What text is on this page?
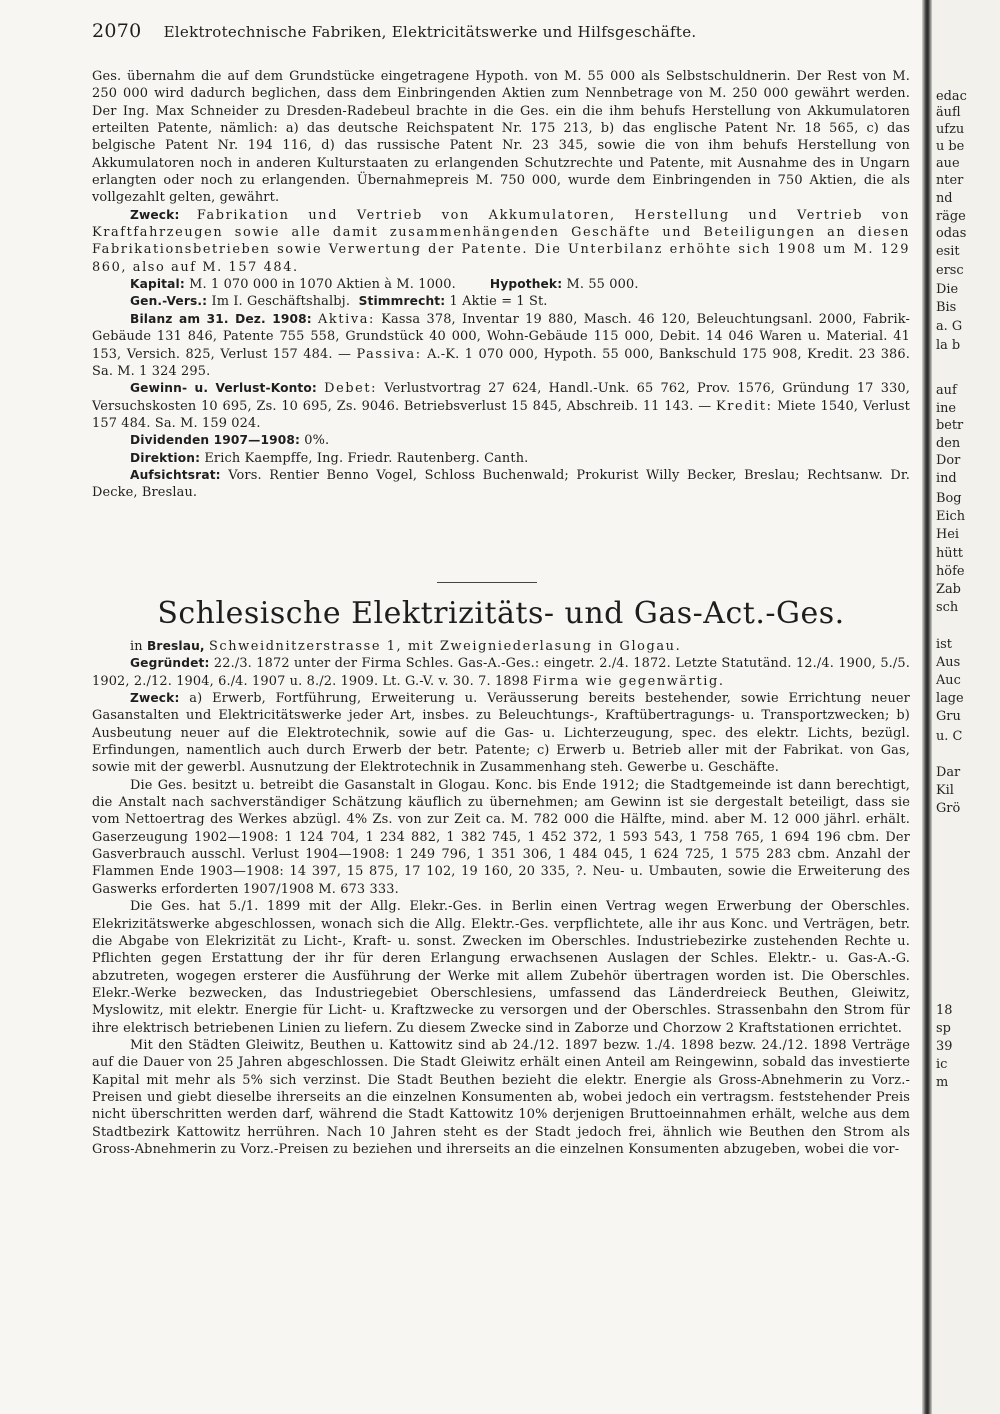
2070 Elektrotechnische Fabriken, Elektricitätswerke und Hilfsgeschäfte.

Ges. übernahm die auf dem Grundstücke eingetragene Hypoth. von M. 55 000 als Selbstschuldnerin. Der Rest von M. 250 000 wird dadurch beglichen, dass dem Einbringenden Aktien zum Nennbetrage von M. 250 000 gewährt werden. Der Ing. Max Schneider zu Dresden-Radebeul brachte in die Ges. ein die ihm behufs Herstellung von Akkumulatoren erteilten Patente, nämlich: a) das deutsche Reichspatent Nr. 175 213, b) das englische Patent Nr. 18 565, c) das belgische Patent Nr. 194 116, d) das russische Patent Nr. 23 345, sowie die von ihm behufs Herstellung von Akkumulatoren noch in anderen Kulturstaaten zu erlangenden Schutzrechte und Patente, mit Ausnahme des in Ungarn erlangten oder noch zu erlangenden. Übernahmepreis M. 750 000, wurde dem Einbringenden in 750 Aktien, die als vollgezahlt gelten, gewährt.

Zweck: Fabrikation und Vertrieb von Akkumulatoren, Herstellung und Vertrieb von Kraftfahrzeugen sowie alle damit zusammenhängenden Geschäfte und Beteiligungen an diesen Fabrikationsbetrieben sowie Verwertung der Patente. Die Unterbilanz erhöhte sich 1908 um M. 129 860, also auf M. 157 484.

Kapital: M. 1 070 000 in 1070 Aktien à M. 1000.	Hypothek: M. 55 000.

Gen.-Vers.: Im I. Geschäftshalbj. Stimmrecht: 1 Aktie = 1 St.

Bilanz am 31. Dez. 1908: Aktiva: Kassa 378, Inventar 19 880, Masch. 46 120, Beleuchtungsanl. 2000, Fabrik-Gebäude 131 846, Patente 755 558, Grundstück 40 000, Wohn-Gebäude 115 000, Debit. 14 046 Waren u. Material. 41 153, Versich. 825, Verlust 157 484. — Passiva: A.-K. 1 070 000, Hypoth. 55 000, Bankschuld 175 908, Kredit. 23 386. Sa. M. 1 324 295.

Gewinn- u. Verlust-Konto: Debet: Verlustvortrag 27 624, Handl.-Unk. 65 762, Prov. 1576, Gründung 17 330, Versuchskosten 10 695, Zs. 10 695, Zs. 9046. Betriebsverlust 15 845, Abschreib. 11 143. — Kredit: Miete 1540, Verlust 157 484. Sa. M. 159 024.

Dividenden 1907—1908: 0%.

Direktion: Erich Kaempffe, Ing. Friedr. Rautenberg. Canth.

Aufsichtsrat: Vors. Rentier Benno Vogel, Schloss Buchenwald; Prokurist Willy Becker, Breslau; Rechtsanw. Dr. Decke, Breslau.

Schlesische Elektrizitäts- und Gas-Act.-Ges.

in Breslau, Schweidnitzerstrasse 1, mit Zweigniederlasung in Glogau.

Gegründet: 22./3. 1872 unter der Firma Schles. Gas-A.-Ges.: eingetr. 2./4. 1872. Letzte Statutänd. 12./4. 1900, 5./5. 1902, 2./12. 1904, 6./4. 1907 u. 8./2. 1909. Lt. G.-V. v. 30. 7. 1898 Firma wie gegenwärtig.

Zweck: a) Erwerb, Fortführung, Erweiterung u. Veräusserung bereits bestehender, sowie Errichtung neuer Gasanstalten und Elektricitätswerke jeder Art, insbes. zu Beleuchtungs-, Kraftübertragungs- u. Transportzwecken; b) Ausbeutung neuer auf die Elektrotechnik, sowie auf die Gas- u. Lichterzeugung, spec. des elektr. Lichts, bezügl. Erfindungen, namentlich auch durch Erwerb der betr. Patente; c) Erwerb u. Betrieb aller mit der Fabrikat. von Gas, sowie mit der gewerbl. Ausnutzung der Elektrotechnik in Zusammenhang steh. Gewerbe u. Geschäfte.

Die Ges. besitzt u. betreibt die Gasanstalt in Glogau. Konc. bis Ende 1912; die Stadtgemeinde ist dann berechtigt, die Anstalt nach sachverständiger Schätzung käuflich zu übernehmen; am Gewinn ist sie dergestalt beteiligt, dass sie vom Nettoertrag des Werkes abzügl. 4% Zs. von zur Zeit ca. M. 782 000 die Hälfte, mind. aber M. 12 000 jährl. erhält. Gaserzeugung 1902—1908: 1 124 704, 1 234 882, 1 382 745, 1 452 372, 1 593 543, 1 758 765, 1 694 196 cbm. Der Gasverbrauch ausschl. Verlust 1904—1908: 1 249 796, 1 351 306, 1 484 045, 1 624 725, 1 575 283 cbm. Anzahl der Flammen Ende 1903—1908: 14 397, 15 875, 17 102, 19 160, 20 335, ?. Neu- u. Umbauten, sowie die Erweiterung des Gaswerks erforderten 1907/1908 M. 673 333.

Die Ges. hat 5./1. 1899 mit der Allg. Elekr.-Ges. in Berlin einen Vertrag wegen Erwerbung der Oberschles. Elekrizitätswerke abgeschlossen, wonach sich die Allg. Elektr.-Ges. verpflichtete, alle ihr aus Konc. und Verträgen, betr. die Abgabe von Elekrizität zu Licht-, Kraft- u. sonst. Zwecken im Oberschles. Industriebezirke zustehenden Rechte u. Pflichten gegen Erstattung der ihr für deren Erlangung erwachsenen Auslagen der Schles. Elektr.- u. Gas-A.-G. abzutreten, wogegen ersterer die Ausführung der Werke mit allem Zubehör übertragen worden ist. Die Oberschles. Elekr.-Werke bezwecken, das Industriegebiet Oberschlesiens, umfassend das Länderdreieck Beuthen, Gleiwitz, Myslowitz, mit elektr. Energie für Licht- u. Kraftzwecke zu versorgen und der Oberschles. Strassenbahn den Strom für ihre elektrisch betriebenen Linien zu liefern. Zu diesem Zwecke sind in Zaborze und Chorzow 2 Kraftstationen errichtet.

Mit den Städten Gleiwitz, Beuthen u. Kattowitz sind ab 24./12. 1897 bezw. 1./4. 1898 bezw. 24./12. 1898 Verträge auf die Dauer von 25 Jahren abgeschlossen. Die Stadt Gleiwitz erhält einen Anteil am Reingewinn, sobald das investierte Kapital mit mehr als 5% sich verzinst. Die Stadt Beuthen bezieht die elektr. Energie als Gross-Abnehmerin zu Vorz.-Preisen und giebt dieselbe ihrerseits an die einzelnen Konsumenten ab, wobei jedoch ein vertragsm. feststehender Preis nicht überschritten werden darf, während die Stadt Kattowitz 10% derjenigen Bruttoeinnahmen erhält, welche aus dem Stadtbezirk Kattowitz herrühren. Nach 10 Jahren steht es der Stadt jedoch frei, ähnlich wie Beuthen den Strom als Gross-Abnehmerin zu Vorz.-Preisen zu beziehen und ihrerseits an die einzelnen Konsumenten abzugeben, wobei die vor-

edac
äufl
ufzu
u be
aue
nter
nd
räge
odas
esit
ersc
Die
Bis
a. G
la b
auf
ine
betr
den
Dor
ind
Bog
Eich
Hei
hütt
höfe
Zab
sch
ist
Aus
Auc
lage
Gru
u. C
Dar
Kil
Grö
18
sp
39
ic
m
